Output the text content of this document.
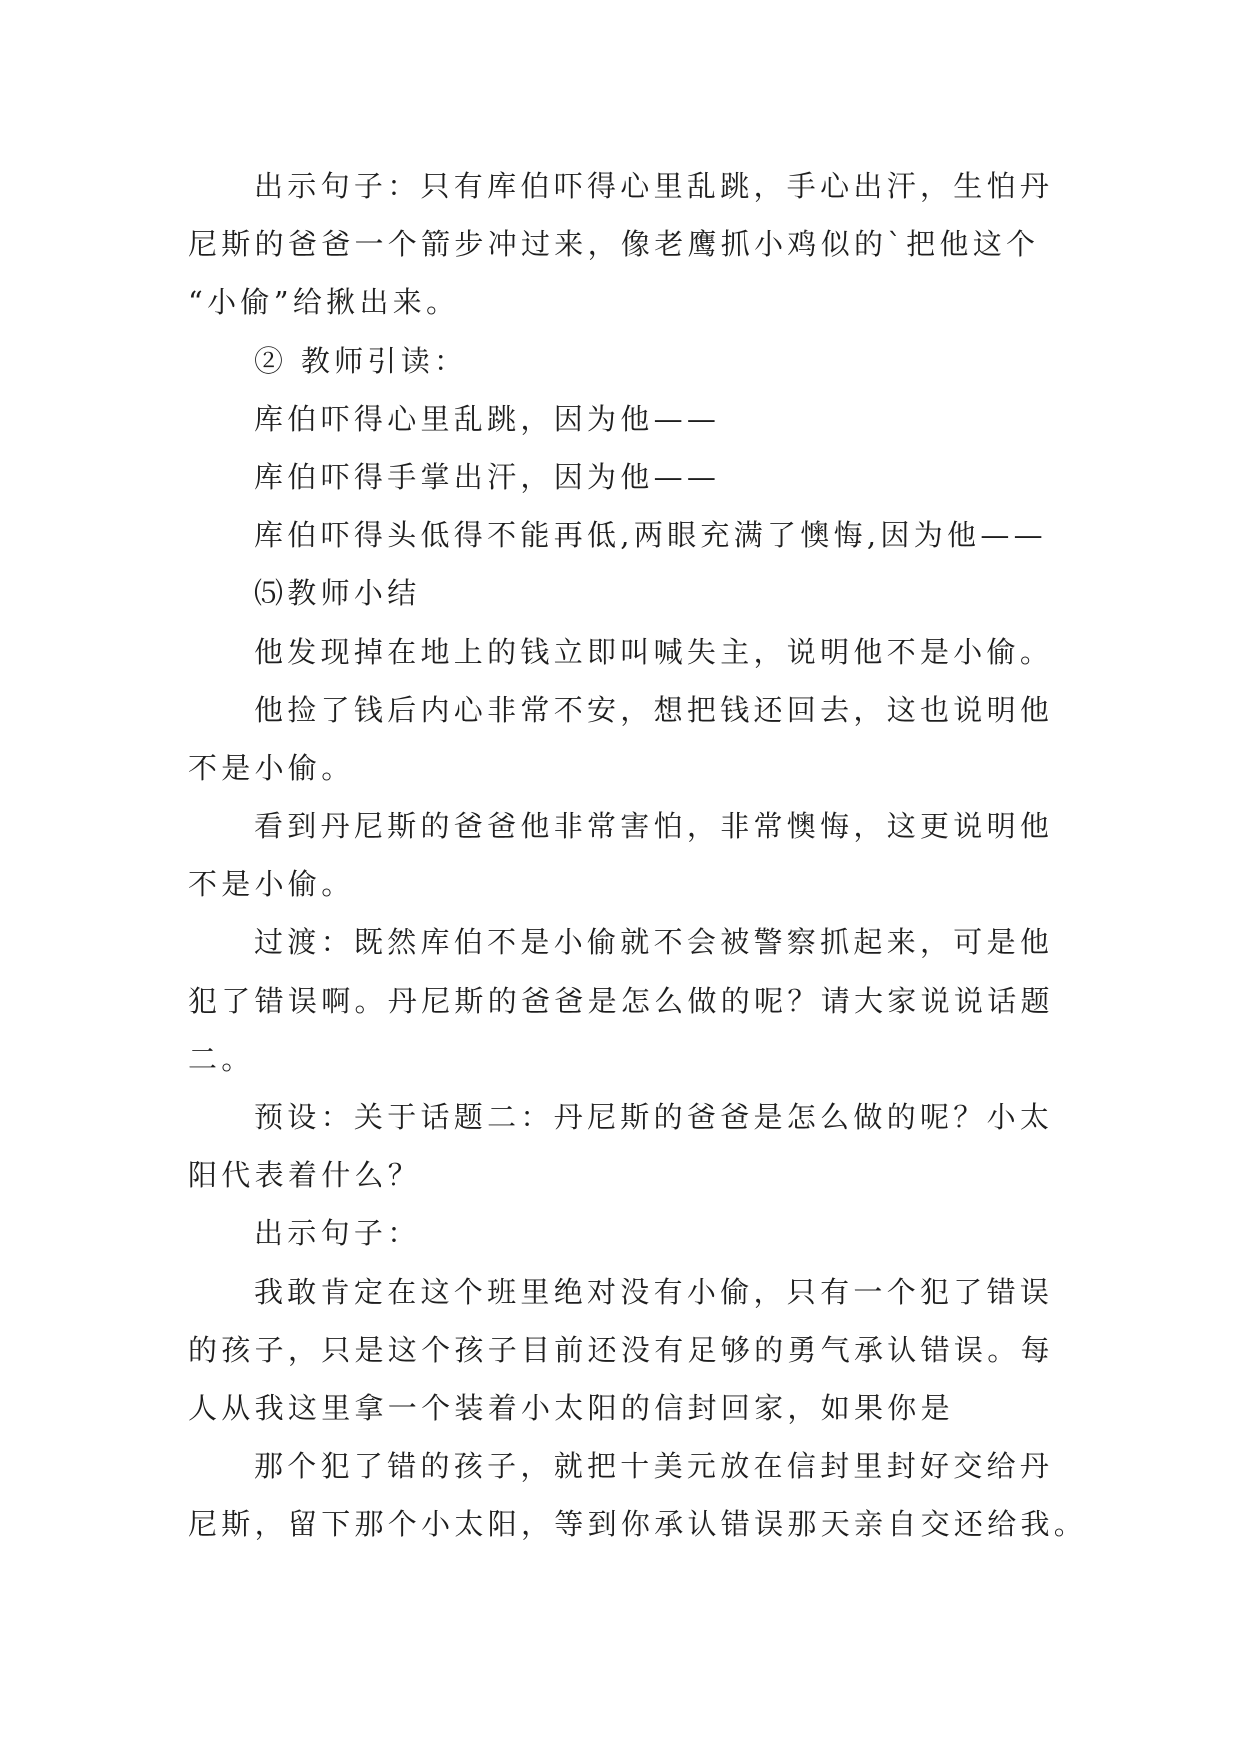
出示句子：只有库伯吓得心里乱跳，手心出汗，生怕丹
尼斯的爸爸一个箭步冲过来，像老鹰抓小鸡似的`把他这个
“小偷”给揪出来。
② 教师引读：
库伯吓得心里乱跳，因为他——
库伯吓得手掌出汗，因为他——
库伯吓得头低得不能再低,两眼充满了懊悔,因为他——
⑸教师小结
他发现掉在地上的钱立即叫喊失主，说明他不是小偷。
他捡了钱后内心非常不安，想把钱还回去，这也说明他
不是小偷。
看到丹尼斯的爸爸他非常害怕，非常懊悔，这更说明他
不是小偷。
过渡：既然库伯不是小偷就不会被警察抓起来，可是他
犯了错误啊。丹尼斯的爸爸是怎么做的呢？请大家说说话题
二。
预设：关于话题二：丹尼斯的爸爸是怎么做的呢？小太
阳代表着什么？
出示句子：
我敢肯定在这个班里绝对没有小偷，只有一个犯了错误
的孩子，只是这个孩子目前还没有足够的勇气承认错误。每
人从我这里拿一个装着小太阳的信封回家，如果你是
那个犯了错的孩子，就把十美元放在信封里封好交给丹
尼斯，留下那个小太阳，等到你承认错误那天亲自交还给我。
